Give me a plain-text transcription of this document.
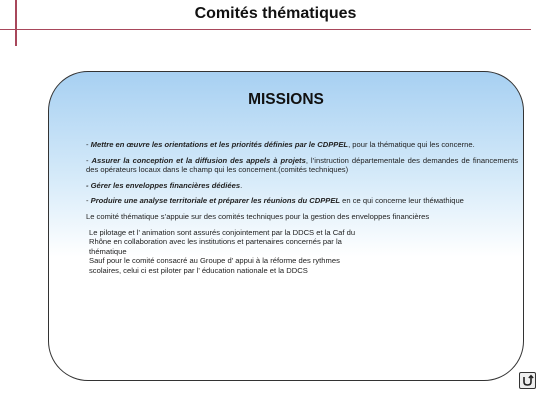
Comités thématiques
MISSIONS

- Mettre en œuvre les orientations et les priorités définies par le CDPPEL, pour la thématique qui les concerne.

- Assurer la conception et la diffusion des appels à projets, l’instruction départementale des demandes de financements des opérateurs locaux dans le champ qui les concernent.(comités techniques)

- Gérer les enveloppes financières dédiées.

- Produire une analyse territoriale et préparer les réunions du CDPPEL en ce qui concerne leur théмathique

Le comité thématique s’appuie sur des comités techniques pour la gestion des enveloppes financières

Le pilotage et l’ animation sont assurés conjointement par la DDCS et la Caf du
Rhône en collaboration avec les institutions et partenaires concernés par la
thématique
Sauf pour le comité consacré au Groupe d’ appui à la réforme des rythmes
scolaires, celui ci est piloter par l’ éducation nationale et la DDCS
